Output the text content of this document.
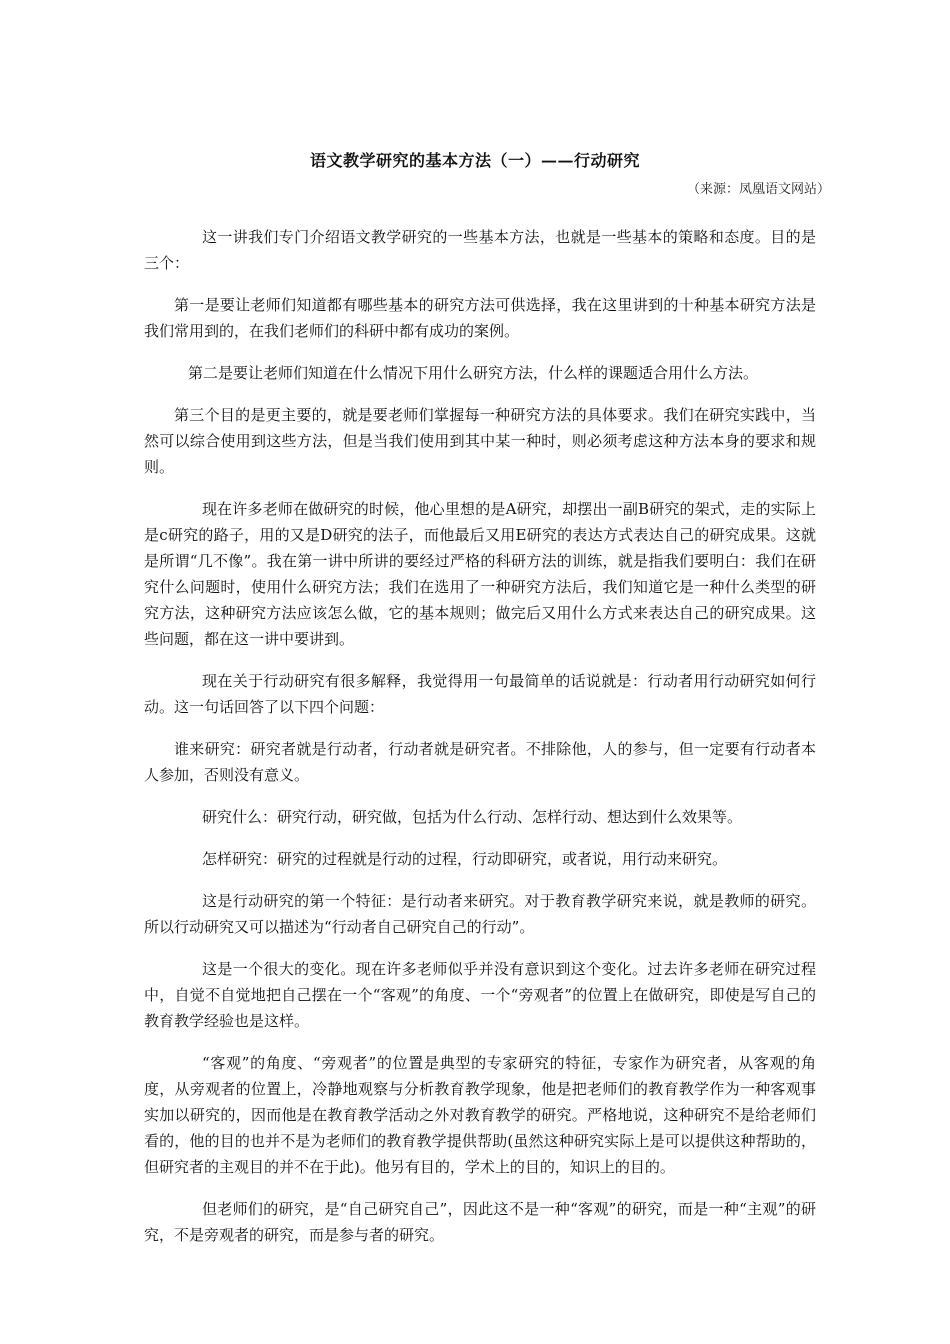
语文教学研究的基本方法（一）——行动研究
（来源：凤凰语文网站）

这一讲我们专门介绍语文教学研究的一些基本方法，也就是一些基本的策略和态度。目的是三个：

第一是要让老师们知道都有哪些基本的研究方法可供选择，我在这里讲到的十种基本研究方法是我们常用到的，在我们老师们的科研中都有成功的案例。

第二是要让老师们知道在什么情况下用什么研究方法，什么样的课题适合用什么方法。

第三个目的是更主要的，就是要老师们掌握每一种研究方法的具体要求。我们在研究实践中，当然可以综合使用到这些方法，但是当我们使用到其中某一种时，则必须考虑这种方法本身的要求和规则。

现在许多老师在做研究的时候，他心里想的是A研究，却摆出一副B研究的架式，走的实际上是c研究的路子，用的又是D研究的法子，而他最后又用E研究的表达方式表达自己的研究成果。这就是所谓“几不像”。我在第一讲中所讲的要经过严格的科研方法的训练，就是指我们要明白：我们在研究什么问题时，使用什么研究方法；我们在选用了一种研究方法后，我们知道它是一种什么类型的研究方法，这种研究方法应该怎么做，它的基本规则；做完后又用什么方式来表达自己的研究成果。这些问题，都在这一讲中要讲到。

现在关于行动研究有很多解释，我觉得用一句最简单的话说就是：行动者用行动研究如何行动。这一句话回答了以下四个问题：

谁来研究：研究者就是行动者，行动者就是研究者。不排除他，人的参与，但一定要有行动者本人参加，否则没有意义。

研究什么：研究行动，研究做，包括为什么行动、怎样行动、想达到什么效果等。

怎样研究：研究的过程就是行动的过程，行动即研究，或者说，用行动来研究。

这是行动研究的第一个特征：是行动者来研究。对于教育教学研究来说，就是教师的研究。所以行动研究又可以描述为“行动者自己研究自己的行动”。

这是一个很大的变化。现在许多老师似乎并没有意识到这个变化。过去许多老师在研究过程中，自觉不自觉地把自己摆在一个“客观”的角度、一个“旁观者”的位置上在做研究，即使是写自己的教育教学经验也是这样。

“客观”的角度、“旁观者”的位置是典型的专家研究的特征，专家作为研究者，从客观的角度，从旁观者的位置上，冷静地观察与分析教育教学现象，他是把老师们的教育教学作为一种客观事实加以研究的，因而他是在教育教学活动之外对教育教学的研究。严格地说，这种研究不是给老师们看的，他的目的也并不是为老师们的教育教学提供帮助(虽然这种研究实际上是可以提供这种帮助的，但研究者的主观目的并不在于此)。他另有目的，学术上的目的，知识上的目的。

但老师们的研究，是“自己研究自己”，因此这不是一种“客观”的研究，而是一种“主观”的研究，不是旁观者的研究，而是参与者的研究。
